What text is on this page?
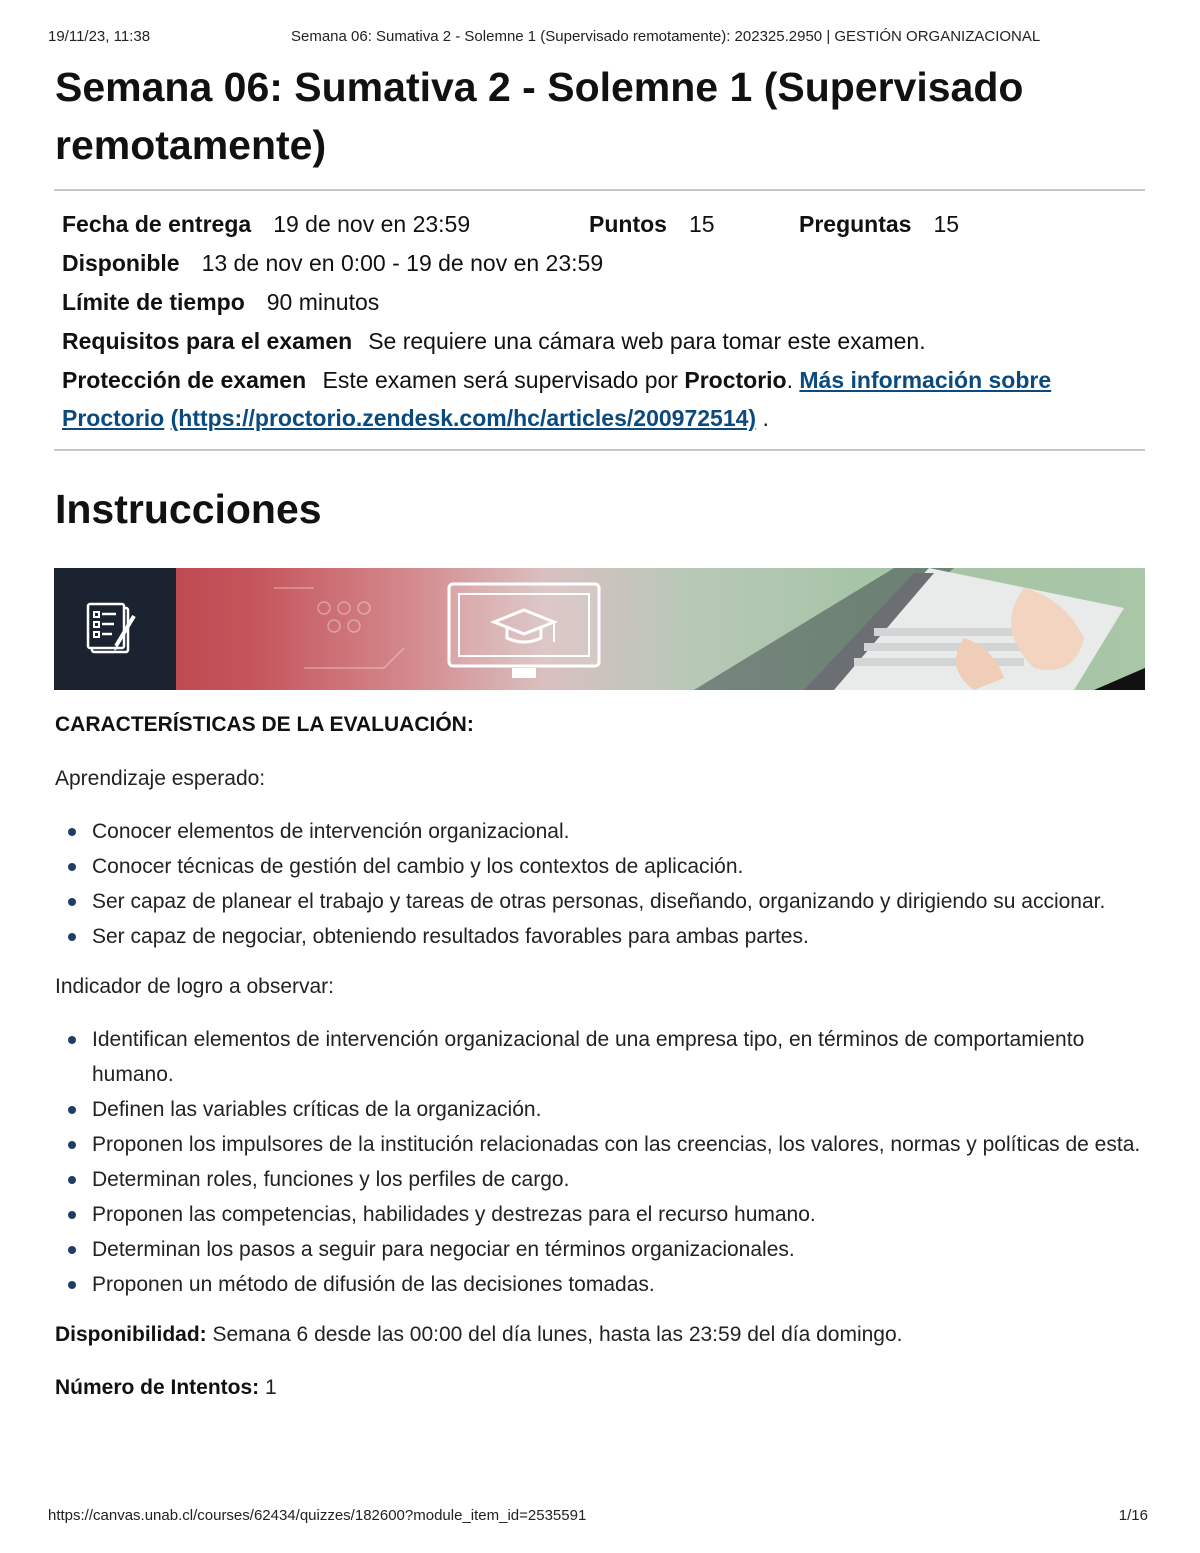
19/11/23, 11:38	Semana 06: Sumativa 2 - Solemne 1 (Supervisado remotamente): 202325.2950 | GESTIÓN ORGANIZACIONAL
Semana 06: Sumativa 2 - Solemne 1 (Supervisado remotamente)
Fecha de entrega 19 de nov en 23:59	Puntos 15	Preguntas 15
Disponible 13 de nov en 0:00 - 19 de nov en 23:59
Límite de tiempo 90 minutos
Requisitos para el examen Se requiere una cámara web para tomar este examen.
Protección de examen Este examen será supervisado por Proctorio. Más información sobre Proctorio (https://proctorio.zendesk.com/hc/articles/200972514) .
Instrucciones
CARACTERÍSTICAS DE LA EVALUACIÓN:

Aprendizaje esperado:

Conocer elementos de intervención organizacional.
Conocer técnicas de gestión del cambio y los contextos de aplicación.
Ser capaz de planear el trabajo y tareas de otras personas, diseñando, organizando y dirigiendo su accionar.
Ser capaz de negociar, obteniendo resultados favorables para ambas partes.

Indicador de logro a observar:

Identifican elementos de intervención organizacional de una empresa tipo, en términos de comportamiento humano.
Definen las variables críticas de la organización.
Proponen los impulsores de la institución relacionadas con las creencias, los valores, normas y políticas de esta.
Determinan roles, funciones y los perfiles de cargo.
Proponen las competencias, habilidades y destrezas para el recurso humano.
Determinan los pasos a seguir para negociar en términos organizacionales.
Proponen un método de difusión de las decisiones tomadas.

Disponibilidad: Semana 6 desde las 00:00 del día lunes, hasta las 23:59 del día domingo.

Número de Intentos: 1

https://canvas.unab.cl/courses/62434/quizzes/182600?module_item_id=2535591	1/16
